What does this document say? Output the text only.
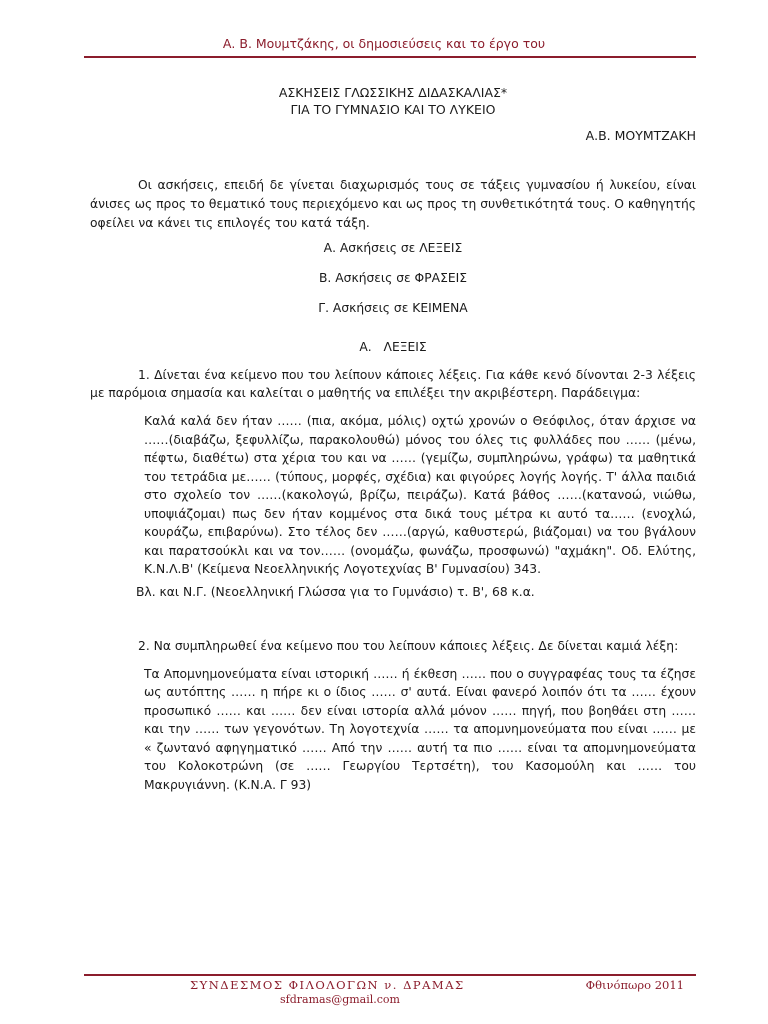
Α. Β. Μουμτζάκης, οι δημοσιεύσεις και το έργο του

ΑΣΚΗΣΕΙΣ ΓΛΩΣΣΙΚΗΣ ΔΙΔΑΣΚΑΛΙΑΣ*

ΓΙΑ ΤΟ ΓΥΜΝΑΣΙΟ ΚΑΙ ΤΟ ΛΥΚΕΙΟ

Α.Β. ΜΟΥΜΤΖΑΚΗ

Οι ασκήσεις, επειδή δε γίνεται διαχωρισμός τους σε τάξεις γυμνασίου ή λυκείου, είναι άνισες ως προς το θεματικό τους περιεχόμενο και ως προς τη συνθετικότητά τους. Ο καθηγητής οφείλει να κάνει τις επιλογές του κατά τάξη.

Α. Ασκήσεις σε ΛΕΞΕΙΣ
Β. Ασκήσεις σε ΦΡΑΣΕΙΣ
Γ. Ασκήσεις σε ΚΕΙΜΕΝΑ

Α. ΛΕΞΕΙΣ

1. Δίνεται ένα κείμενο που του λείπουν κάποιες λέξεις. Για κάθε κενό δίνονται 2-3 λέξεις με παρόμοια σημασία και καλείται ο μαθητής να επιλέξει την ακριβέστερη. Παράδειγμα:

Καλά καλά δεν ήταν …… (πια, ακόμα, μόλις) οχτώ χρονών ο Θεόφιλος, όταν άρχισε να ……(διαβάζω, ξεφυλλίζω, παρακολουθώ) μόνος του όλες τις φυλλάδες που …… (μένω, πέφτω, διαθέτω) στα χέρια του και να …… (γεμίζω, συμπληρώνω, γράφω) τα μαθητικά του τετράδια με…… (τύπους, μορφές, σχέδια) και φιγούρες λογής λογής. Τ' άλλα παιδιά στο σχολείο τον ……(κακολογώ, βρίζω, πειράζω). Κατά βάθος ……(κατανοώ, νιώθω, υποψιάζομαι) πως δεν ήταν κομμένος στα δικά τους μέτρα κι αυτό τα…… (ενοχλώ, κουράζω, επιβαρύνω). Στο τέλος δεν ……(αργώ, καθυστερώ, βιάζομαι) να του βγάλουν και παρατσούκλι και να τον…… (ονομάζω, φωνάζω, προσφωνώ) "αχμάκη". Οδ. Ελύτης, Κ.Ν.Λ.Β' (Κείμενα Νεοελληνικής Λογοτεχνίας Β' Γυμνασίου) 343.

Βλ. και Ν.Γ. (Νεοελληνική Γλώσσα για το Γυμνάσιο) τ. Β', 68 κ.α.

2. Να συμπληρωθεί ένα κείμενο που του λείπουν κάποιες λέξεις. Δε δίνεται καμιά λέξη:

Τα Απομνημονεύματα είναι ιστορική …… ή έκθεση …… που ο συγγραφέας τους τα έζησε ως αυτόπτης …… η πήρε κι ο ίδιος …… σ' αυτά. Είναι φανερό λοιπόν ότι τα …… έχουν προσωπικό …… και …… δεν είναι ιστορία αλλά μόνον …… πηγή, που βοηθάει στη …… και την …… των γεγονότων. Τη λογοτεχνία …… τα απομνημονεύματα που είναι …… με « ζωντανό αφηγηματικό …… Από την …… αυτή τα πιο …… είναι τα απομνημονεύματα του Κολοκοτρώνη (σε …… Γεωργίου Τερτσέτη), του Κασομούλη και …… του Μακρυγιάννη. (Κ.Ν.Α. Γ 93)

ΣΥΝΔΕΣΜΟΣ ΦΙΛΟΛΟΓΩΝ ν. ΔΡΑΜΑΣ
sfdramas@gmail.com
Φθινόπωρο 2011
